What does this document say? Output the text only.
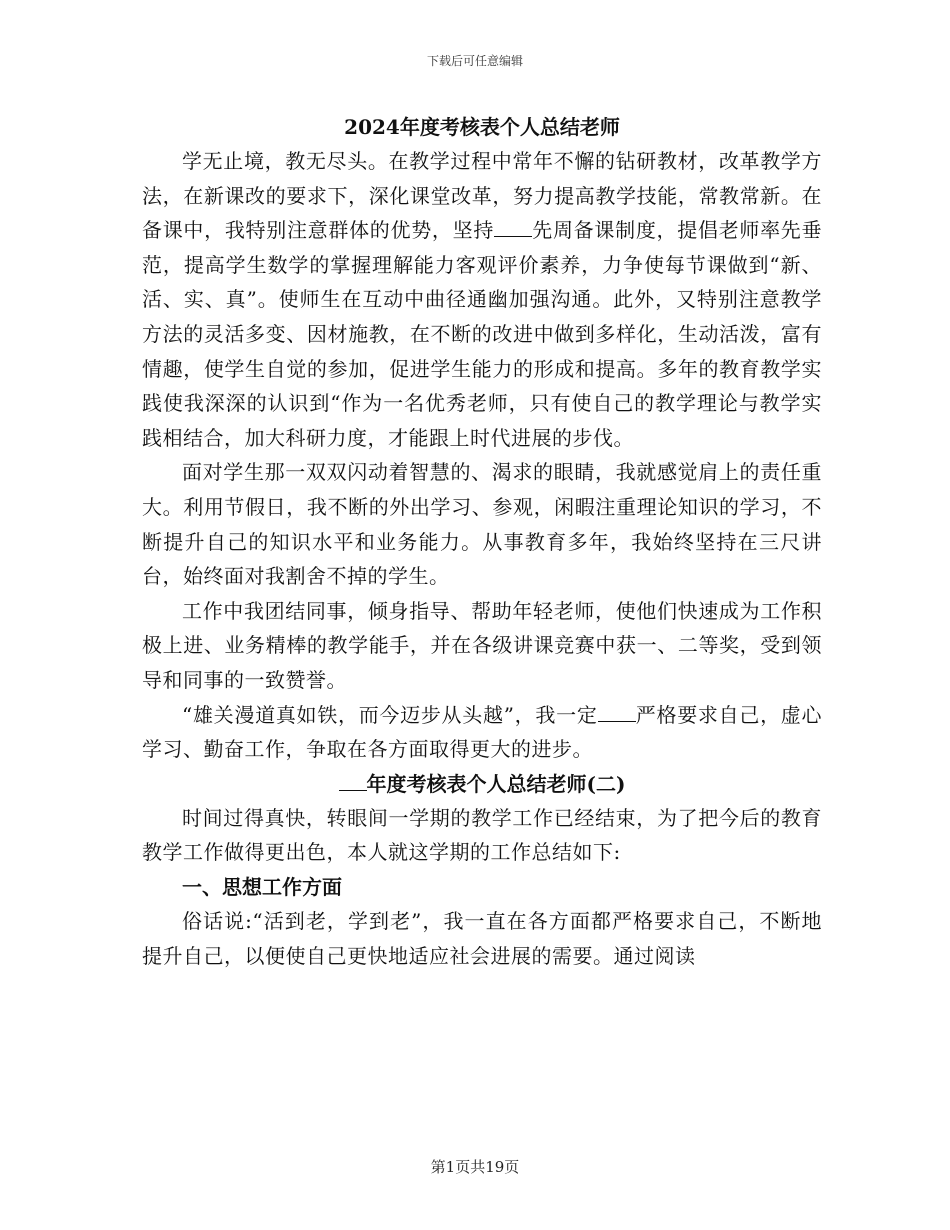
下载后可任意编辑

2024年度考核表个人总结老师

学无止境，教无尽头。在教学过程中常年不懈的钻研教材，改革教学方法，在新课改的要求下，深化课堂改革，努力提高教学技能，常教常新。在备课中，我特别注意群体的优势，坚持 先周备课制度，提倡老师率先垂范，提高学生数学的掌握理解能力客观评价素养，力争使每节课做到“新、活、实、真”。使师生在互动中曲径通幽加强沟通。此外，又特别注意教学方法的灵活多变、因材施教，在不断的改进中做到多样化，生动活泼，富有情趣，使学生自觉的参加，促进学生能力的形成和提高。多年的教育教学实践使我深深的认识到“作为一名优秀老师，只有使自己的教学理论与教学实践相结合，加大科研力度，才能跟上时代进展的步伐。

面对学生那一双双闪动着智慧的、渴求的眼睛，我就感觉肩上的责任重大。利用节假日，我不断的外出学习、参观，闲暇注重理论知识的学习，不断提升自己的知识水平和业务能力。从事教育多年，我始终坚持在三尺讲台，始终面对我割舍不掉的学生。

工作中我团结同事，倾身指导、帮助年轻老师，使他们快速成为工作积极上进、业务精棒的教学能手，并在各级讲课竞赛中获一、二等奖，受到领导和同事的一致赞誉。

“雄关漫道真如铁，而今迈步从头越”，我一定 严格要求自己，虚心学习、勤奋工作，争取在各方面取得更大的进步。

年度考核表个人总结老师(二)

时间过得真快，转眼间一学期的教学工作已经结束，为了把今后的教育教学工作做得更出色，本人就这学期的工作总结如下:

一、思想工作方面

俗话说:“活到老，学到老”，我一直在各方面都严格要求自己，不断地提升自己，以便使自己更快地适应社会进展的需要。通过阅读

第1页共19页
